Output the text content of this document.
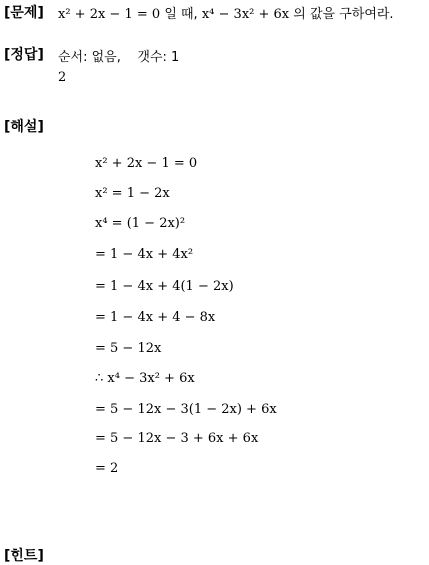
[문제] x² + 2x − 1 = 0 일 때, x⁴ − 3x² + 6x 의 값을 구하여라.
[정답] 순서: 없음,    갯수: 1
2
[해설]
x² + 2x − 1 = 0
x² = 1 − 2x
x⁴ = (1 − 2x)²
= 1 − 4x + 4x²
= 1 − 4x + 4(1 − 2x)
= 1 − 4x + 4 − 8x
= 5 − 12x
∴ x⁴ − 3x² + 6x
= 5 − 12x − 3(1 − 2x) + 6x
= 5 − 12x − 3 + 6x + 6x
= 2
[힌트]
